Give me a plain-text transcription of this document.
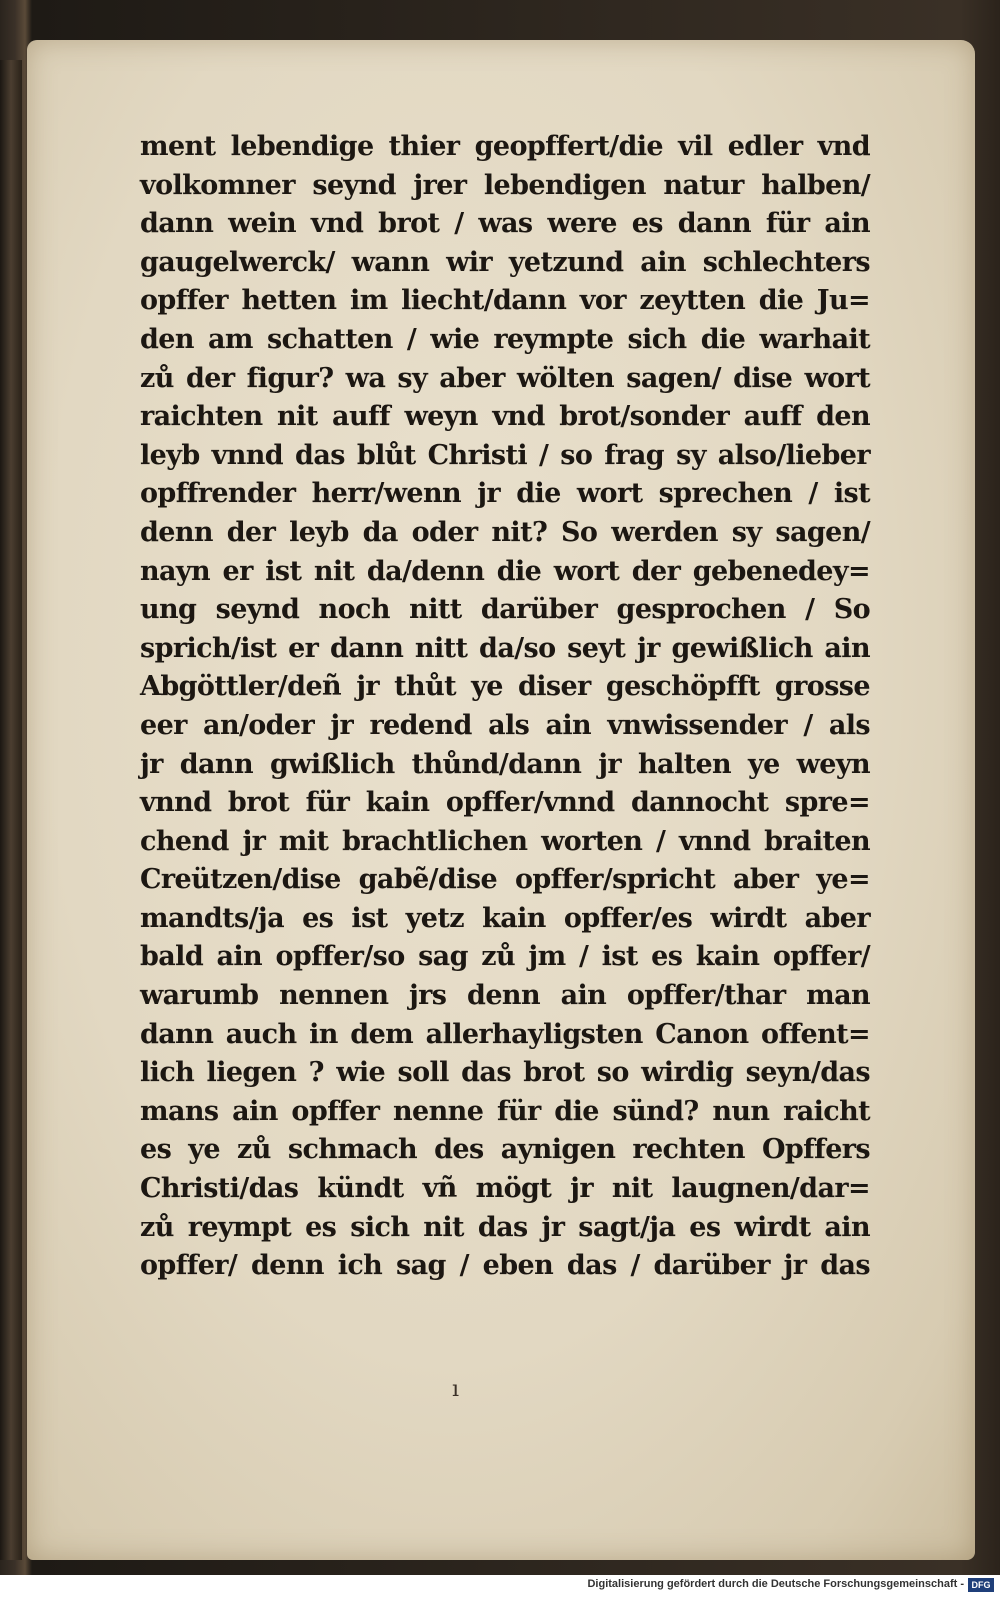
ment lebendige thier geopffert/die vil edler vnd
volkomner seynd jrer lebendigen natur halben/
dann wein vnd brot / was were es dann für ain
gaugelwerck/ wann wir yetzund ain schlechters
opffer hetten im liecht/dann vor zeytten die Ju=
den am schatten / wie reympte sich die warhait
zů der figur? wa sy aber wölten sagen/ dise wort
raichten nit auff weyn vnd brot/sonder auff den
leyb vnnd das blůt Christi / so frag sy also/lieber
opffrender herr/wenn jr die wort sprechen / ist
denn der leyb da oder nit? So werden sy sagen/
nayn er ist nit da/denn die wort der gebenedey=
ung seynd noch nitt darüber gesprochen / So
sprich/ist er dann nitt da/so seyt jr gewißlich ain
Abgöttler/deñ jr thůt ye diser geschöpfft grosse
eer an/oder jr redend als ain vnwissender / als
jr dann gwißlich thůnd/dann jr halten ye weyn
vnnd brot für kain opffer/vnnd dannocht spre=
chend jr mit brachtlichen worten / vnnd braiten
Creützen/dise gabẽ/dise opffer/spricht aber ye=
mandts/ja es ist yetz kain opffer/es wirdt aber
bald ain opffer/so sag zů jm / ist es kain opffer/
warumb nennen jrs denn ain opffer/thar man
dann auch in dem allerhayligsten Canon offent=
lich liegen ? wie soll das brot so wirdig seyn/das
mans ain opffer nenne für die sünd? nun raicht
es ye zů schmach des aynigen rechten Opffers
Christi/das kündt vñ mögt jr nit laugnen/dar=
zů reympt es sich nit das jr sagt/ja es wirdt ain
opffer/ denn ich sag / eben das / darüber jr das
ı
Digitalisierung gefördert durch die Deutsche Forschungsgemeinschaft - DFG
